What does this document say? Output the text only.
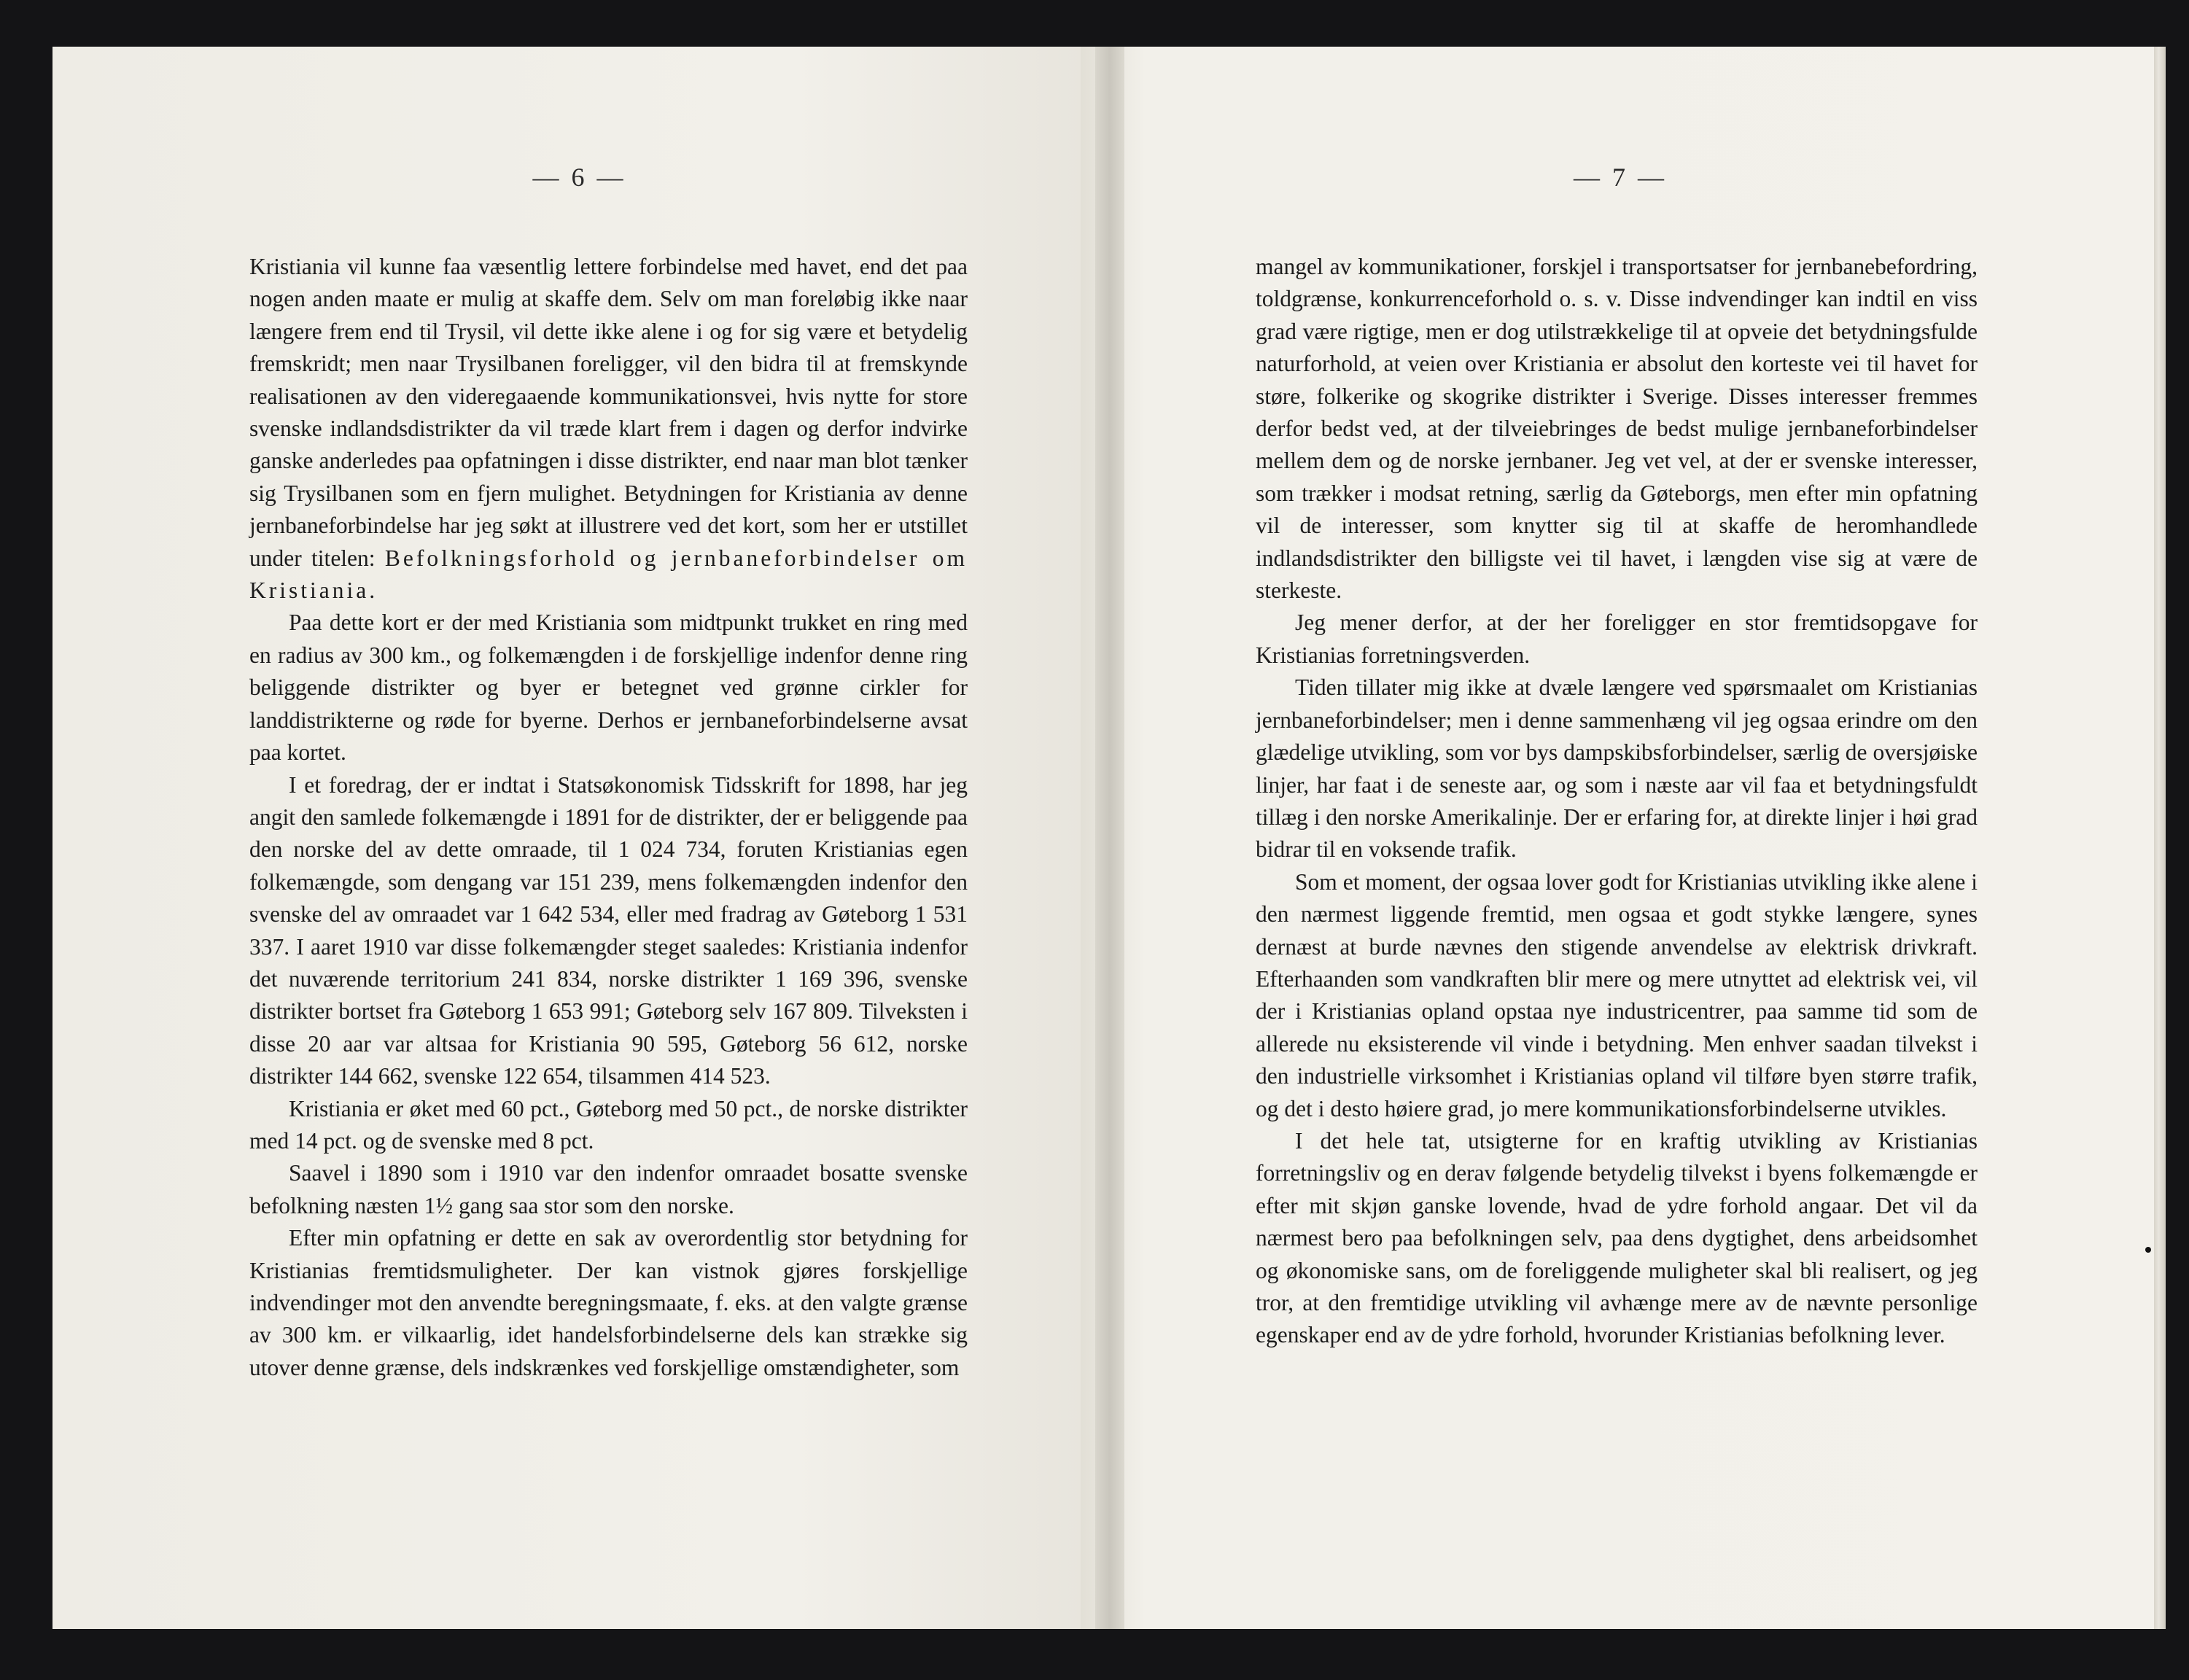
— 6 —

Kristiania vil kunne faa væsentlig lettere forbindelse med havet, end det paa nogen anden maate er mulig at skaffe dem. Selv om man foreløbig ikke naar længere frem end til Trysil, vil dette ikke alene i og for sig være et betydelig fremskridt; men naar Trysilbanen foreligger, vil den bidra til at fremskynde realisationen av den videregaaende kommunikationsvei, hvis nytte for store svenske indlandsdistrikter da vil træde klart frem i dagen og derfor indvirke ganske anderledes paa opfatningen i disse distrikter, end naar man blot tænker sig Trysilbanen som en fjern mulighet. Betydningen for Kristiania av denne jernbaneforbindelse har jeg søkt at illustrere ved det kort, som her er utstillet under titelen: Befolkningsforhold og jernbaneforbindelser om Kristiania.

Paa dette kort er der med Kristiania som midtpunkt trukket en ring med en radius av 300 km., og folkemængden i de forskjellige indenfor denne ring beliggende distrikter og byer er betegnet ved grønne cirkler for landdistrikterne og røde for byerne. Derhos er jernbaneforbindelserne avsat paa kortet.

I et foredrag, der er indtat i Statsøkonomisk Tidsskrift for 1898, har jeg angit den samlede folkemængde i 1891 for de distrikter, der er beliggende paa den norske del av dette omraade, til 1 024 734, foruten Kristianias egen folkemængde, som dengang var 151 239, mens folkemængden indenfor den svenske del av omraadet var 1 642 534, eller med fradrag av Gøteborg 1 531 337. I aaret 1910 var disse folkemængder steget saaledes: Kristiania indenfor det nuværende territorium 241 834, norske distrikter 1 169 396, svenske distrikter bortset fra Gøteborg 1 653 991; Gøteborg selv 167 809. Tilveksten i disse 20 aar var altsaa for Kristiania 90 595, Gøteborg 56 612, norske distrikter 144 662, svenske 122 654, tilsammen 414 523.

Kristiania er øket med 60 pct., Gøteborg med 50 pct., de norske distrikter med 14 pct. og de svenske med 8 pct.

Saavel i 1890 som i 1910 var den indenfor omraadet bosatte svenske befolkning næsten 1½ gang saa stor som den norske.

Efter min opfatning er dette en sak av overordentlig stor betydning for Kristianias fremtidsmuligheter. Der kan vistnok gjøres forskjellige indvendinger mot den anvendte beregningsmaate, f. eks. at den valgte grænse av 300 km. er vilkaarlig, idet handelsforbindelserne dels kan strække sig utover denne grænse, dels indskrænkes ved forskjellige omstændigheter, som

— 7 —

mangel av kommunikationer, forskjel i transportsatser for jernbanebefordring, toldgrænse, konkurrenceforhold o. s. v. Disse indvendinger kan indtil en viss grad være rigtige, men er dog utilstrækkelige til at opveie det betydningsfulde naturforhold, at veien over Kristiania er absolut den korteste vei til havet for støre, folkerike og skogrike distrikter i Sverige. Disses interesser fremmes derfor bedst ved, at der tilveiebringes de bedst mulige jernbaneforbindelser mellem dem og de norske jernbaner. Jeg vet vel, at der er svenske interesser, som trækker i modsat retning, særlig da Gøteborgs, men efter min opfatning vil de interesser, som knytter sig til at skaffe de heromhandlede indlandsdistrikter den billigste vei til havet, i længden vise sig at være de sterkeste.

Jeg mener derfor, at der her foreligger en stor fremtidsopgave for Kristianias forretningsverden.

Tiden tillater mig ikke at dvæle længere ved spørsmaalet om Kristianias jernbaneforbindelser; men i denne sammenhæng vil jeg ogsaa erindre om den glædelige utvikling, som vor bys dampskibsforbindelser, særlig de oversjøiske linjer, har faat i de seneste aar, og som i næste aar vil faa et betydningsfuldt tillæg i den norske Amerikalinje. Der er erfaring for, at direkte linjer i høi grad bidrar til en voksende trafik.

Som et moment, der ogsaa lover godt for Kristianias utvikling ikke alene i den nærmest liggende fremtid, men ogsaa et godt stykke længere, synes dernæst at burde nævnes den stigende anvendelse av elektrisk drivkraft. Efterhaanden som vandkraften blir mere og mere utnyttet ad elektrisk vei, vil der i Kristianias opland opstaa nye industricentrer, paa samme tid som de allerede nu eksisterende vil vinde i betydning. Men enhver saadan tilvekst i den industrielle virksomhet i Kristianias opland vil tilføre byen større trafik, og det i desto høiere grad, jo mere kommunikationsforbindelserne utvikles.

I det hele tat, utsigterne for en kraftig utvikling av Kristianias forretningsliv og en derav følgende betydelig tilvekst i byens folkemængde er efter mit skjøn ganske lovende, hvad de ydre forhold angaar. Det vil da nærmest bero paa befolkningen selv, paa dens dygtighet, dens arbeidsomhet og økonomiske sans, om de foreliggende muligheter skal bli realisert, og jeg tror, at den fremtidige utvikling vil avhænge mere av de nævnte personlige egenskaper end av de ydre forhold, hvorunder Kristianias befolkning lever.
